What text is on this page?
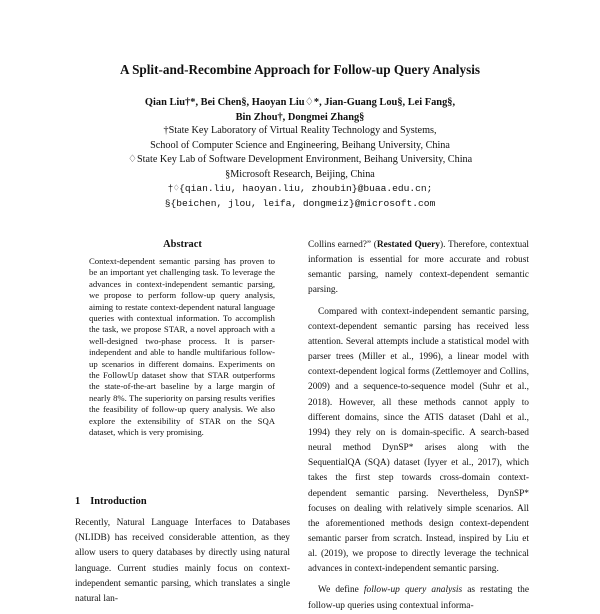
A Split-and-Recombine Approach for Follow-up Query Analysis
Qian Liu†*, Bei Chen§, Haoyan Liu♢*, Jian-Guang Lou§, Lei Fang§,
Bin Zhou†, Dongmei Zhang§
†State Key Laboratory of Virtual Reality Technology and Systems,
School of Computer Science and Engineering, Beihang University, China
♢State Key Lab of Software Development Environment, Beihang University, China
§Microsoft Research, Beijing, China
†♢{qian.liu, haoyan.liu, zhoubin}@buaa.edu.cn;
§{beichen, jlou, leifa, dongmeiz}@microsoft.com
Abstract
Context-dependent semantic parsing has proven to be an important yet challenging task. To leverage the advances in context-independent semantic parsing, we propose to perform follow-up query analysis, aiming to restate context-dependent natural language queries with contextual information. To accomplish the task, we propose STAR, a novel approach with a well-designed two-phase process. It is parser-independent and able to handle multifarious follow-up scenarios in different domains. Experiments on the FollowUp dataset show that STAR outperforms the state-of-the-art baseline by a large margin of nearly 8%. The superiority on parsing results verifies the feasibility of follow-up query analysis. We also explore the extensibility of STAR on the SQA dataset, which is very promising.
1 Introduction
Recently, Natural Language Interfaces to Databases (NLIDB) has received considerable attention, as they allow users to query databases by directly using natural language. Current studies mainly focus on context-independent semantic parsing, which translates a single natural lan-

Collins earned?” (Restated Query). Therefore, contextual information is essential for more accurate and robust semantic parsing, namely context-dependent semantic parsing.

Compared with context-independent semantic parsing, context-dependent semantic parsing has received less attention. Several attempts include a statistical model with parser trees (Miller et al., 1996), a linear model with context-dependent logical forms (Zettlemoyer and Collins, 2009) and a sequence-to-sequence model (Suhr et al., 2018). However, all these methods cannot apply to different domains, since the ATIS dataset (Dahl et al., 1994) they rely on is domain-specific. A search-based neural method DynSP* arises along with the SequentialQA (SQA) dataset (Iyyer et al., 2017), which takes the first step towards cross-domain context-dependent semantic parsing. Nevertheless, DynSP* focuses on dealing with relatively simple scenarios. All the aforementioned methods design context-dependent semantic parser from scratch. Instead, inspired by Liu et al. (2019), we propose to directly leverage the technical advances in context-independent semantic parsing.

We define follow-up query analysis as restating the follow-up queries using contextual informa-
